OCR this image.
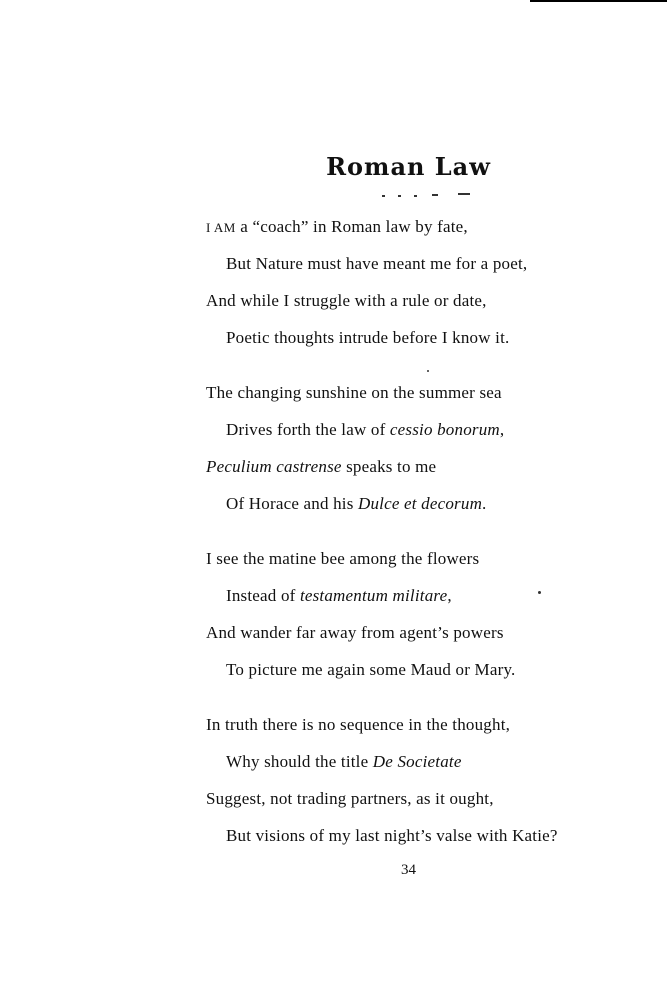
Roman Law
I AM a “coach” in Roman law by fate,
But Nature must have meant me for a poet,
And while I struggle with a rule or date,
Poetic thoughts intrude before I know it.
The changing sunshine on the summer sea
Drives forth the law of cessio bonorum,
Peculium castrense speaks to me
Of Horace and his Dulce et decorum.
I see the matine bee among the flowers
Instead of testamentum militare,
And wander far away from agent’s powers
To picture me again some Maud or Mary.
In truth there is no sequence in the thought,
Why should the title De Societate
Suggest, not trading partners, as it ought,
But visions of my last night’s valse with Katie?
34
